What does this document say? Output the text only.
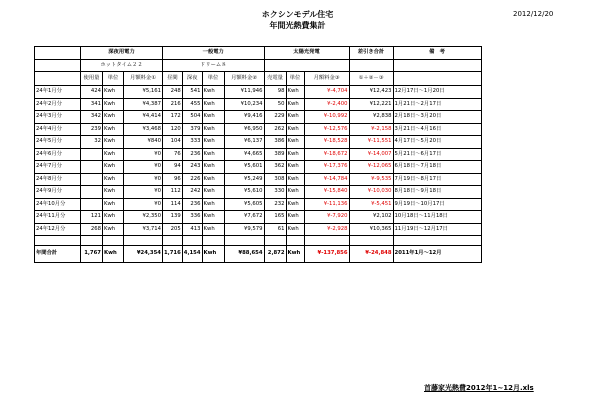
ホクシンモデル住宅
年間光熱費集計
2012/12/20
	深夜用電力			一般電力				太陽光発電			差引き合計	備　考
	ホットタイム２２			ドリーム８								
	使用量	単位	月額料金①	昼間	深夜	単位	月額料金②	売電量	単位	月額料金③	①＋②－③	
24年1月分	424	Kwh	¥5,161	248	541	Kwh	¥11,946	98	Kwh	¥-4,704	¥12,423	12月17日～1月20日
24年2月分	341	Kwh	¥4,387	216	455	Kwh	¥10,234	50	Kwh	¥-2,400	¥12,221	1月21日～2月17日
24年3月分	342	Kwh	¥4,414	172	504	Kwh	¥9,416	229	Kwh	¥-10,992	¥2,838	2月18日～3月20日
24年4月分	239	Kwh	¥3,468	120	379	Kwh	¥6,950	262	Kwh	¥-12,576	¥-2,158	3月21日～4月16日
24年5月分	32	Kwh	¥840	104	333	Kwh	¥6,137	386	Kwh	¥-18,528	¥-11,551	4月17日～5月20日
24年6月分		Kwh	¥0	76	236	Kwh	¥4,665	389	Kwh	¥-18,672	¥-14,007	5月21日～6月17日
24年7月分		Kwh	¥0	94	243	Kwh	¥5,601	362	Kwh	¥-17,376	¥-12,065	6月18日～7月18日
24年8月分		Kwh	¥0	96	226	Kwh	¥5,249	308	Kwh	¥-14,784	¥-9,535	7月19日～8月17日
24年9月分		Kwh	¥0	112	242	Kwh	¥5,610	330	Kwh	¥-15,840	¥-10,030	8月18日～9月18日
24年10月分		Kwh	¥0	114	236	Kwh	¥5,605	232	Kwh	¥-11,136	¥-5,451	9月19日～10月17日
24年11月分	121	Kwh	¥2,350	139	336	Kwh	¥7,672	165	Kwh	¥-7,920	¥2,102	10月18日～11月18日
24年12月分	268	Kwh	¥3,714	205	413	Kwh	¥9,579	61	Kwh	¥-2,928	¥10,365	11月19日～12月17日

年間合計	1,767	Kwh	¥24,354	1,716	4,154	Kwh	¥88,654	2,872	Kwh	¥-137,856	¥-24,848	2011年1月～12月
首藤家光熱費2012年1~12月.xls
